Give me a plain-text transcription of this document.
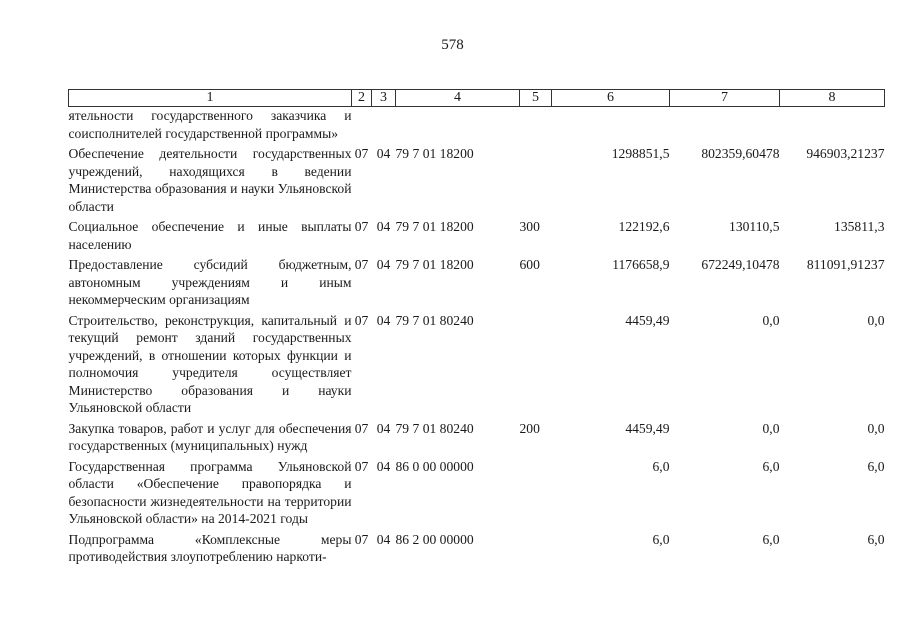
578
1	2	3	4	5	6	7	8
ятельности государственного заказчика и соисполнителей государственной программы»							
Обеспечение деятельности государственных учреждений, находящихся в ведении Министерства образования и науки Ульяновской области	07	04	79 7 01 18200		1298851,5	802359,60478	946903,21237
Социальное обеспечение и иные выплаты населению	07	04	79 7 01 18200	300	122192,6	130110,5	135811,3
Предоставление субсидий бюджетным, автономным учреждениям и иным некоммерческим организациям	07	04	79 7 01 18200	600	1176658,9	672249,10478	811091,91237
Строительство, реконструкция, капитальный и текущий ремонт зданий государственных учреждений, в отношении которых функции и полномочия учредителя осуществляет Министерство образования и науки Ульяновской области	07	04	79 7 01 80240		4459,49	0,0	0,0
Закупка товаров, работ и услуг для обеспечения государственных (муниципальных) нужд	07	04	79 7 01 80240	200	4459,49	0,0	0,0
Государственная программа Ульяновской области «Обеспечение правопорядка и безопасности жизнедеятельности на территории Ульяновской области» на 2014-2021 годы	07	04	86 0 00 00000		6,0	6,0	6,0
Подпрограмма «Комплексные меры противодействия злоупотреблению наркоти-	07	04	86 2 00 00000		6,0	6,0	6,0
